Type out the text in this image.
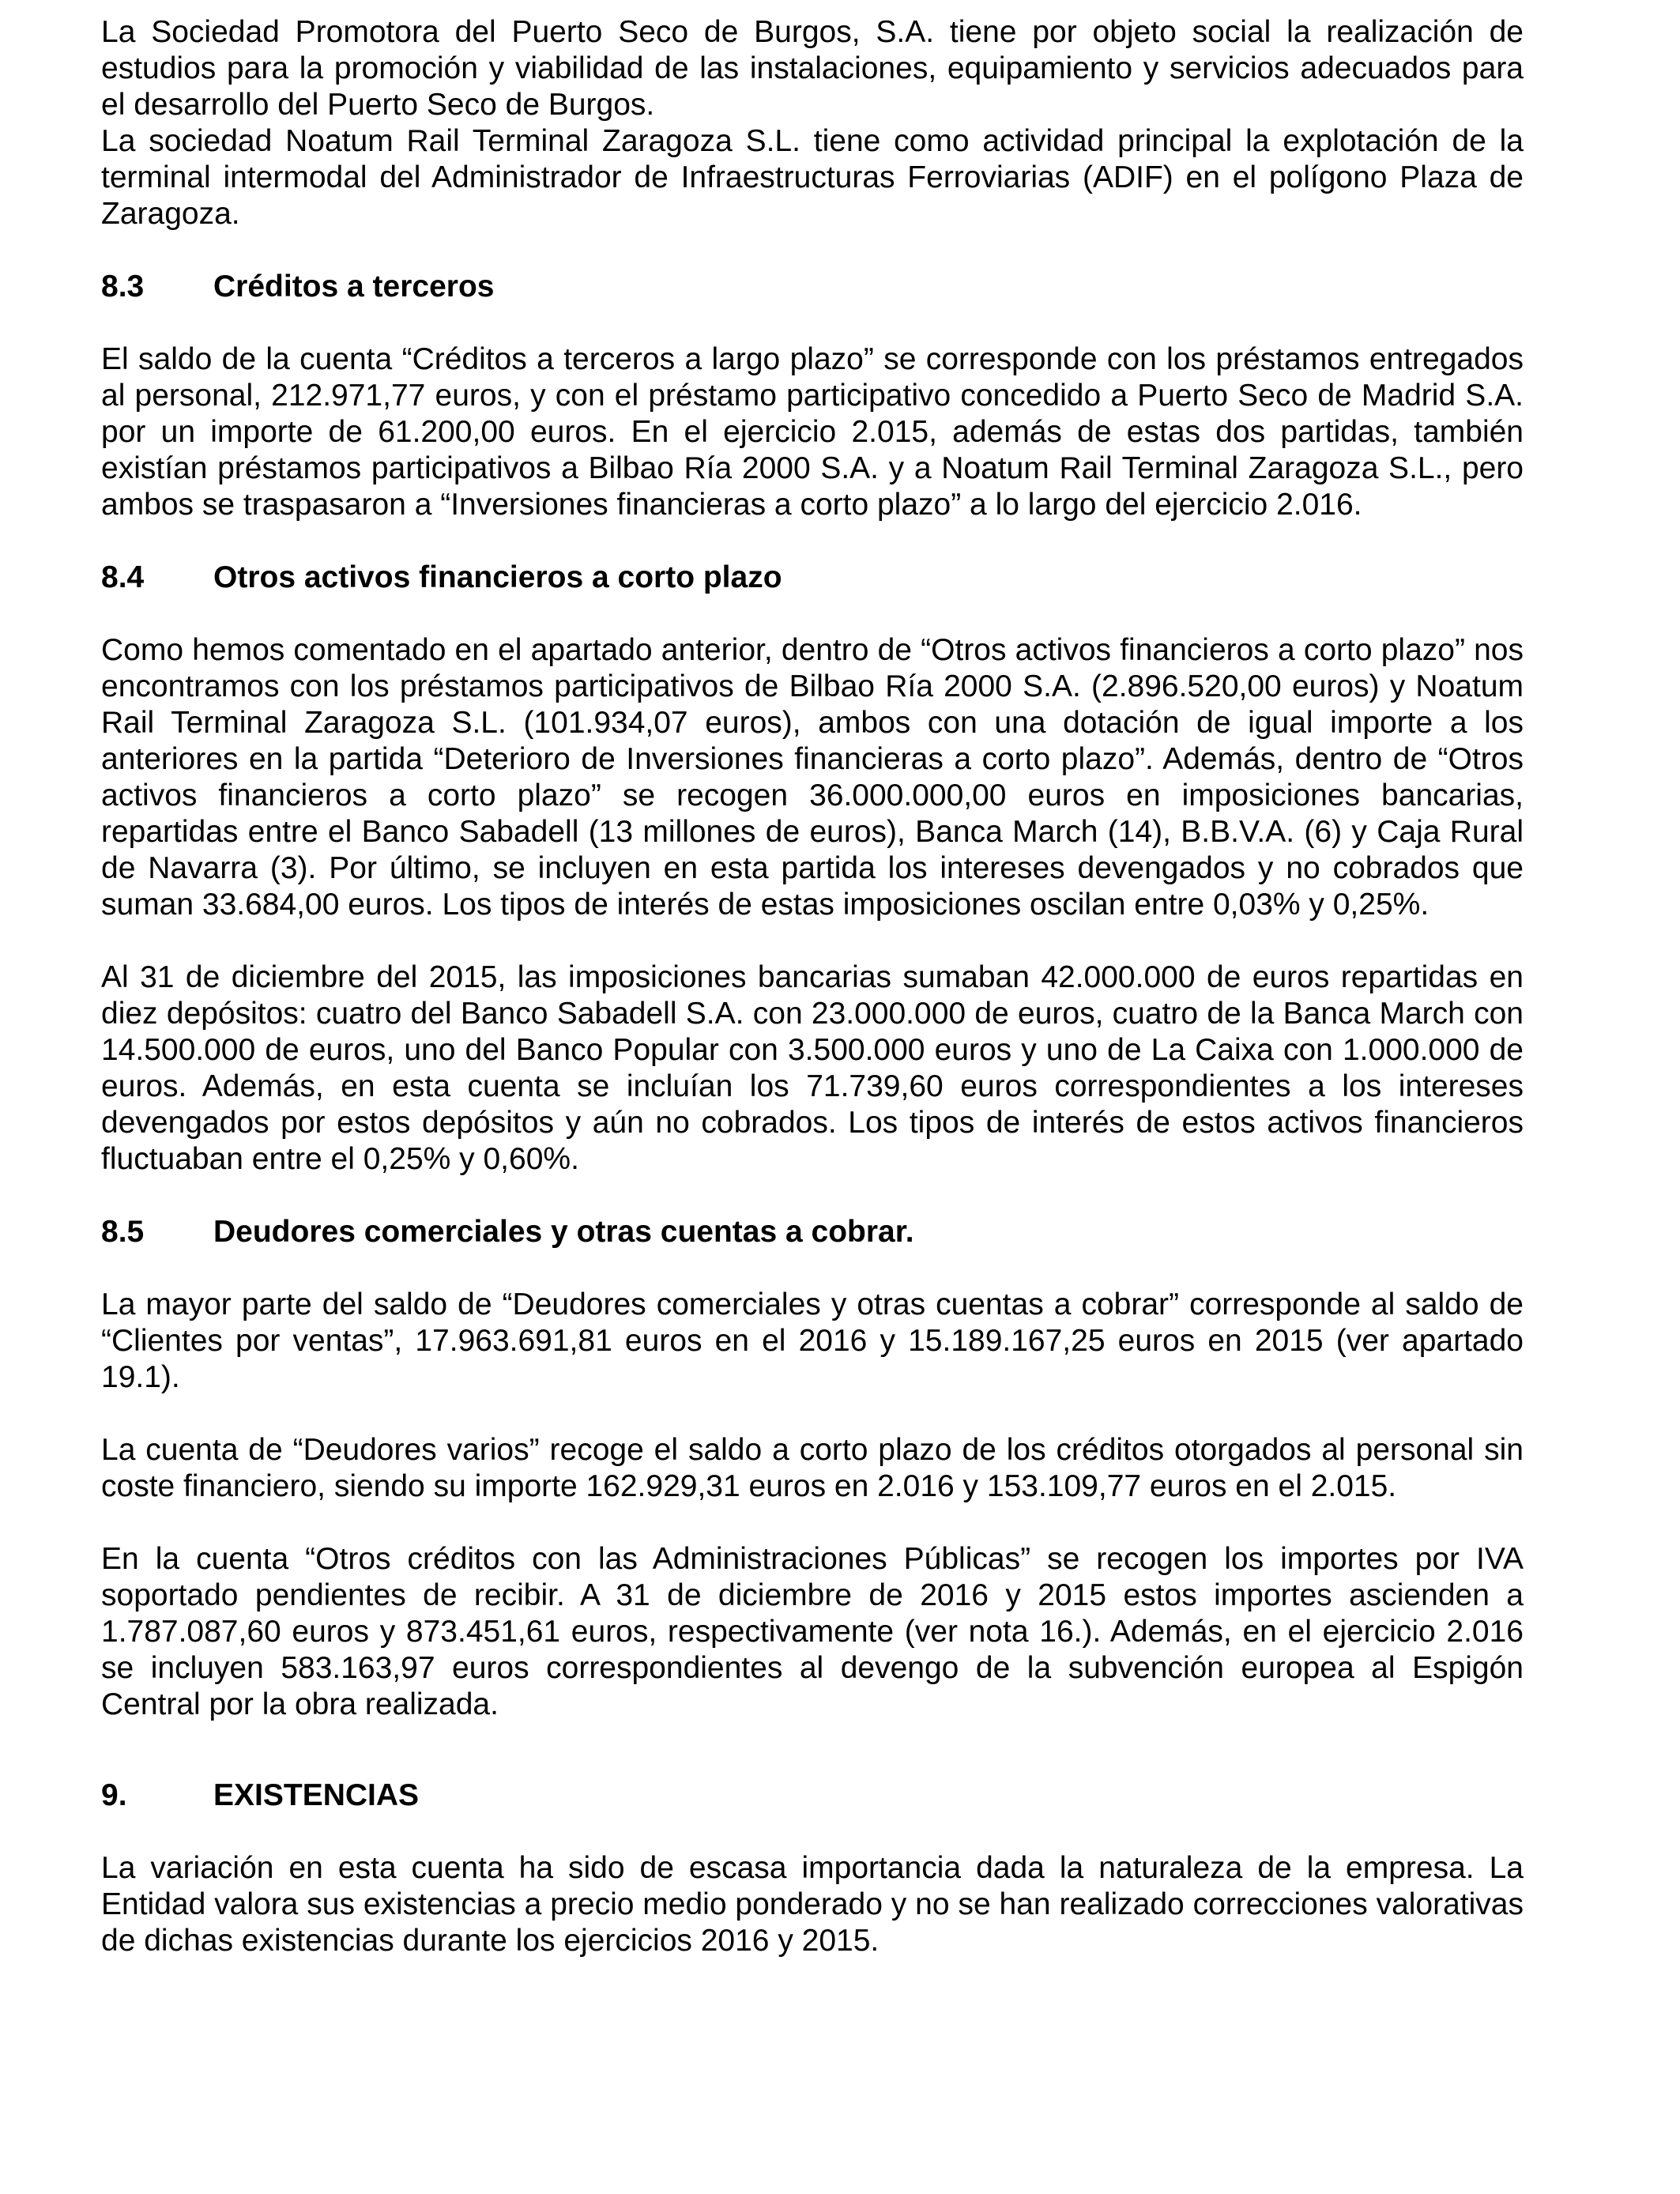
La Sociedad Promotora del Puerto Seco de Burgos, S.A. tiene por objeto social la realización de estudios para la promoción y viabilidad de las instalaciones, equipamiento y servicios adecuados para el desarrollo del Puerto Seco de Burgos.

La sociedad Noatum Rail Terminal Zaragoza S.L. tiene como actividad principal la explotación de la terminal intermodal del Administrador de Infraestructuras Ferroviarias (ADIF) en el polígono Plaza de Zaragoza.

8.3	Créditos a terceros

El saldo de la cuenta “Créditos a terceros a largo plazo” se corresponde con los préstamos entregados al personal, 212.971,77 euros, y con el préstamo participativo concedido a Puerto Seco de Madrid S.A. por un importe de 61.200,00 euros. En el ejercicio 2.015, además de estas dos partidas, también existían préstamos participativos a Bilbao Ría 2000 S.A. y a Noatum Rail Terminal Zaragoza S.L., pero ambos se traspasaron a “Inversiones financieras a corto plazo” a lo largo del ejercicio 2.016.

8.4	Otros activos financieros a corto plazo

Como hemos comentado en el apartado anterior, dentro de “Otros activos financieros a corto plazo” nos encontramos con los préstamos participativos de Bilbao Ría 2000 S.A. (2.896.520,00 euros) y Noatum Rail Terminal Zaragoza S.L. (101.934,07 euros), ambos con una dotación de igual importe a los anteriores en la partida “Deterioro de Inversiones financieras a corto plazo”. Además, dentro de “Otros activos financieros a corto plazo” se recogen 36.000.000,00 euros en imposiciones bancarias, repartidas entre el Banco Sabadell (13 millones de euros), Banca March (14), B.B.V.A. (6) y Caja Rural de Navarra (3). Por último, se incluyen en esta partida los intereses devengados y no cobrados que suman 33.684,00 euros. Los tipos de interés de estas imposiciones oscilan entre 0,03% y 0,25%.

Al 31 de diciembre del 2015, las imposiciones bancarias sumaban 42.000.000 de euros repartidas en diez depósitos: cuatro del Banco Sabadell S.A. con 23.000.000 de euros, cuatro de la Banca March con 14.500.000 de euros, uno del Banco Popular con 3.500.000 euros y uno de La Caixa con 1.000.000 de euros. Además, en esta cuenta se incluían los 71.739,60 euros correspondientes a los intereses devengados por estos depósitos y aún no cobrados. Los tipos de interés de estos activos financieros fluctuaban entre el 0,25% y 0,60%.

8.5	Deudores comerciales y otras cuentas a cobrar.

La mayor parte del saldo de “Deudores comerciales y otras cuentas a cobrar” corresponde al saldo de “Clientes por ventas”, 17.963.691,81 euros en el 2016 y 15.189.167,25 euros en 2015 (ver apartado 19.1).

La cuenta de “Deudores varios” recoge el saldo a corto plazo de los créditos otorgados al personal sin coste financiero, siendo su importe 162.929,31 euros en 2.016 y 153.109,77 euros en el 2.015.

En la cuenta “Otros créditos con las Administraciones Públicas” se recogen los importes por IVA soportado pendientes de recibir. A 31 de diciembre de 2016 y 2015 estos importes ascienden a 1.787.087,60 euros y 873.451,61 euros, respectivamente (ver nota 16.). Además, en el ejercicio 2.016 se incluyen 583.163,97 euros correspondientes al devengo de la subvención europea al Espigón Central por la obra realizada.

9.	EXISTENCIAS

La variación en esta cuenta ha sido de escasa importancia dada la naturaleza de la empresa. La Entidad valora sus existencias a precio medio ponderado y no se han realizado correcciones valorativas de dichas existencias durante los ejercicios 2016 y 2015.
